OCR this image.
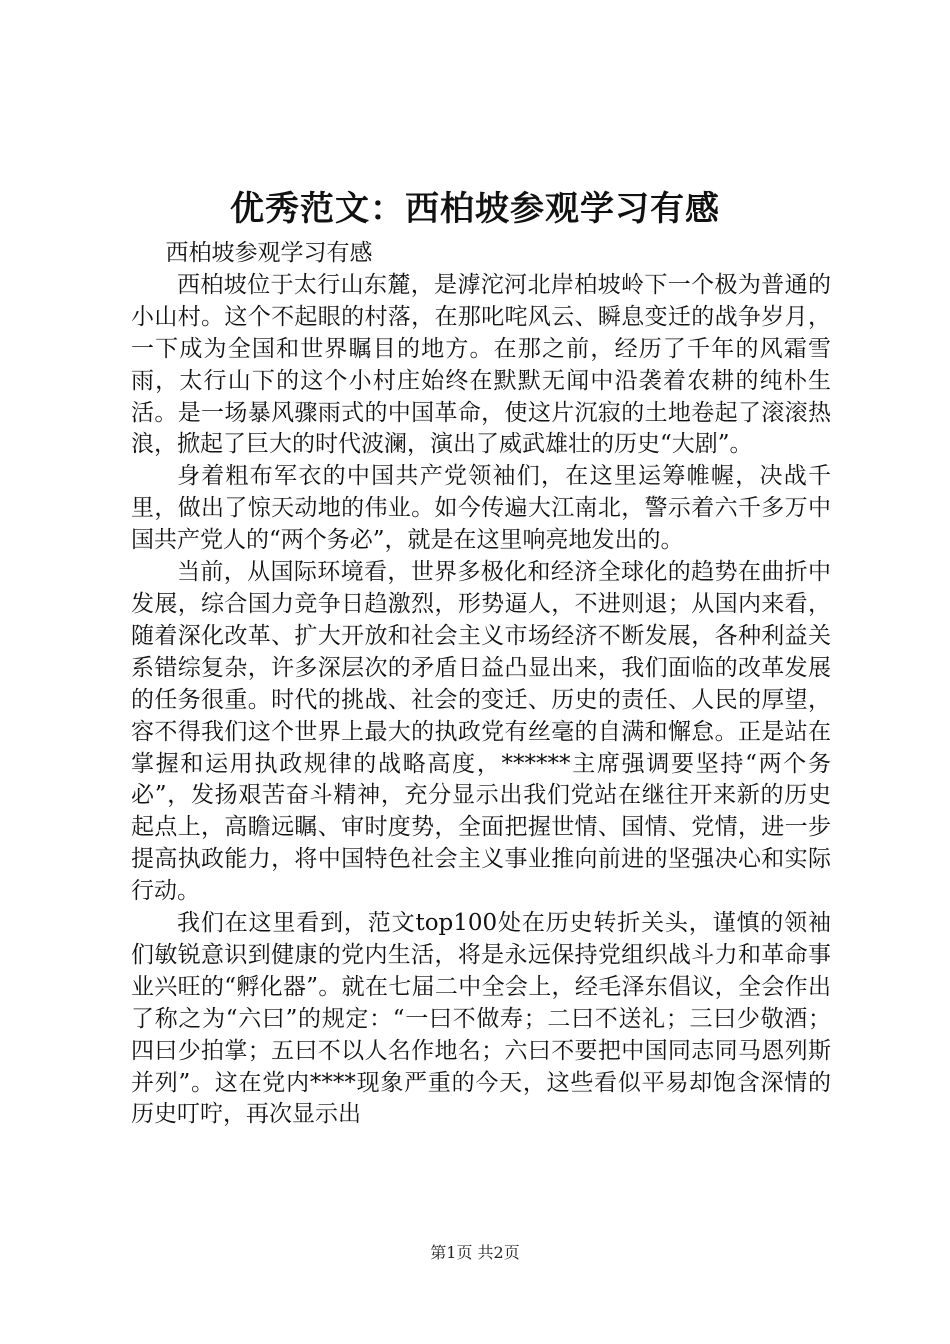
优秀范文：西柏坡参观学习有感

西柏坡参观学习有感

西柏坡位于太行山东麓，是滹沱河北岸柏坡岭下一个极为普通的小山村。这个不起眼的村落，在那叱咤风云、瞬息变迁的战争岁月，一下成为全国和世界瞩目的地方。在那之前，经历了千年的风霜雪雨，太行山下的这个小村庄始终在默默无闻中沿袭着农耕的纯朴生活。是一场暴风骤雨式的中国革命，使这片沉寂的土地卷起了滚滚热浪，掀起了巨大的时代波澜，演出了威武雄壮的历史“大剧”。

身着粗布军衣的中国共产党领袖们，在这里运筹帷幄，决战千里，做出了惊天动地的伟业。如今传遍大江南北，警示着六千多万中国共产党人的“两个务必”，就是在这里响亮地发出的。

当前，从国际环境看，世界多极化和经济全球化的趋势在曲折中发展，综合国力竞争日趋激烈，形势逼人，不进则退；从国内来看，随着深化改革、扩大开放和社会主义市场经济不断发展，各种利益关系错综复杂，许多深层次的矛盾日益凸显出来，我们面临的改革发展的任务很重。时代的挑战、社会的变迁、历史的责任、人民的厚望，容不得我们这个世界上最大的执政党有丝毫的自满和懈怠。正是站在掌握和运用执政规律的战略高度，******主席强调要坚持“两个务必”，发扬艰苦奋斗精神，充分显示出我们党站在继往开来新的历史起点上，高瞻远瞩、审时度势，全面把握世情、国情、党情，进一步提高执政能力，将中国特色社会主义事业推向前进的坚强决心和实际行动。

我们在这里看到，范文top100处在历史转折关头，谨慎的领袖们敏锐意识到健康的党内生活，将是永远保持党组织战斗力和革命事业兴旺的“孵化器”。就在七届二中全会上，经毛泽东倡议，全会作出了称之为“六曰”的规定：“一曰不做寿；二曰不送礼；三曰少敬酒；四曰少拍掌；五曰不以人名作地名；六曰不要把中国同志同马恩列斯并列”。这在党内****现象严重的今天，这些看似平易却饱含深情的历史叮咛，再次显示出

第1页 共2页
